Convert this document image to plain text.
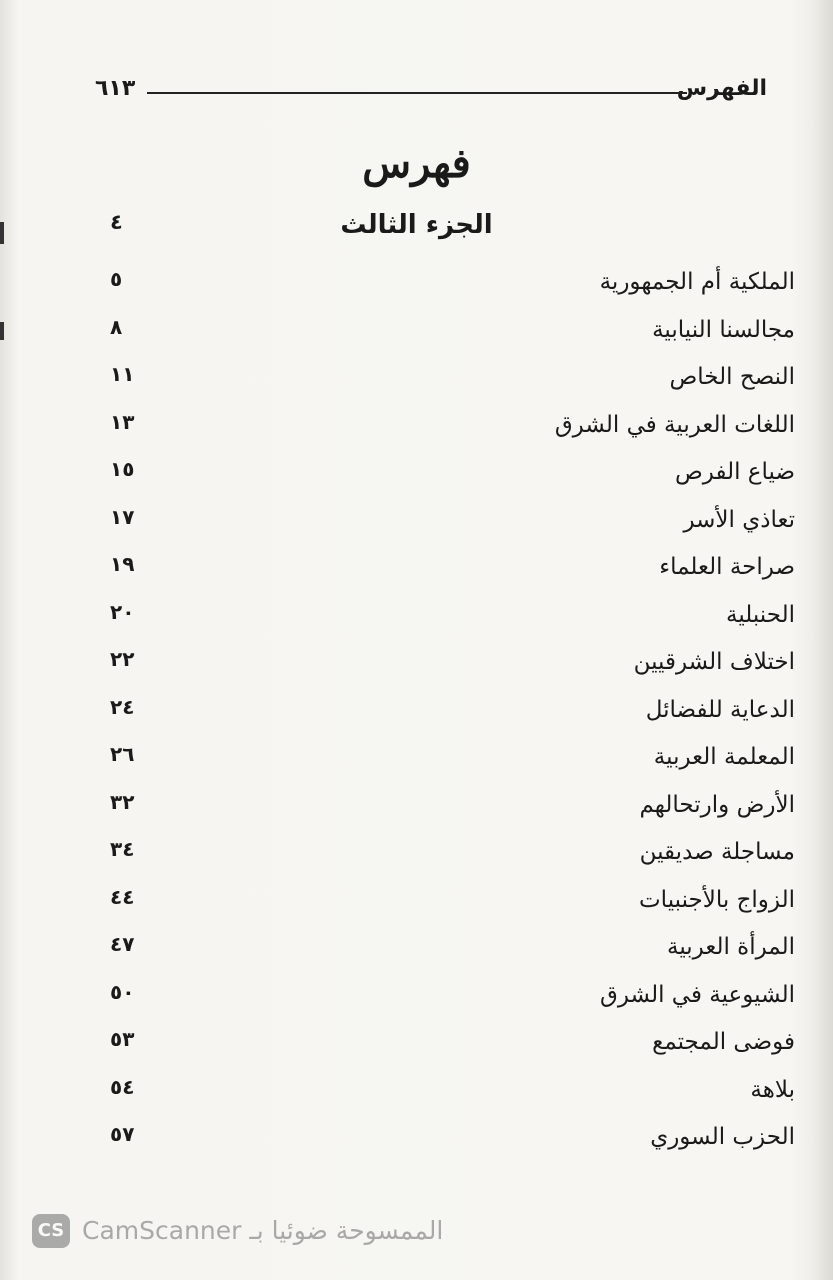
الفهرس
٦١٣
فهرس
الجزء الثالث
٤
الملكية أم الجمهورية
٥
مجالسنا النيابية
٨
النصح الخاص
١١
اللغات العربية في الشرق
١٣
ضياع الفرص
١٥
تعاذي الأسر
١٧
صراحة العلماء
١٩
الحنبلية
٢٠
اختلاف الشرقيين
٢٢
الدعاية للفضائل
٢٤
المعلمة العربية
٢٦
الأرض وارتحالهم
٣٢
مساجلة صديقين
٣٤
الزواج بالأجنبيات
٤٤
المرأة العربية
٤٧
الشيوعية في الشرق
٥٠
فوضى المجتمع
٥٣
بلاهة
٥٤
الحزب السوري
٥٧
CS الممسوحة ضوئيا بـ CamScanner
